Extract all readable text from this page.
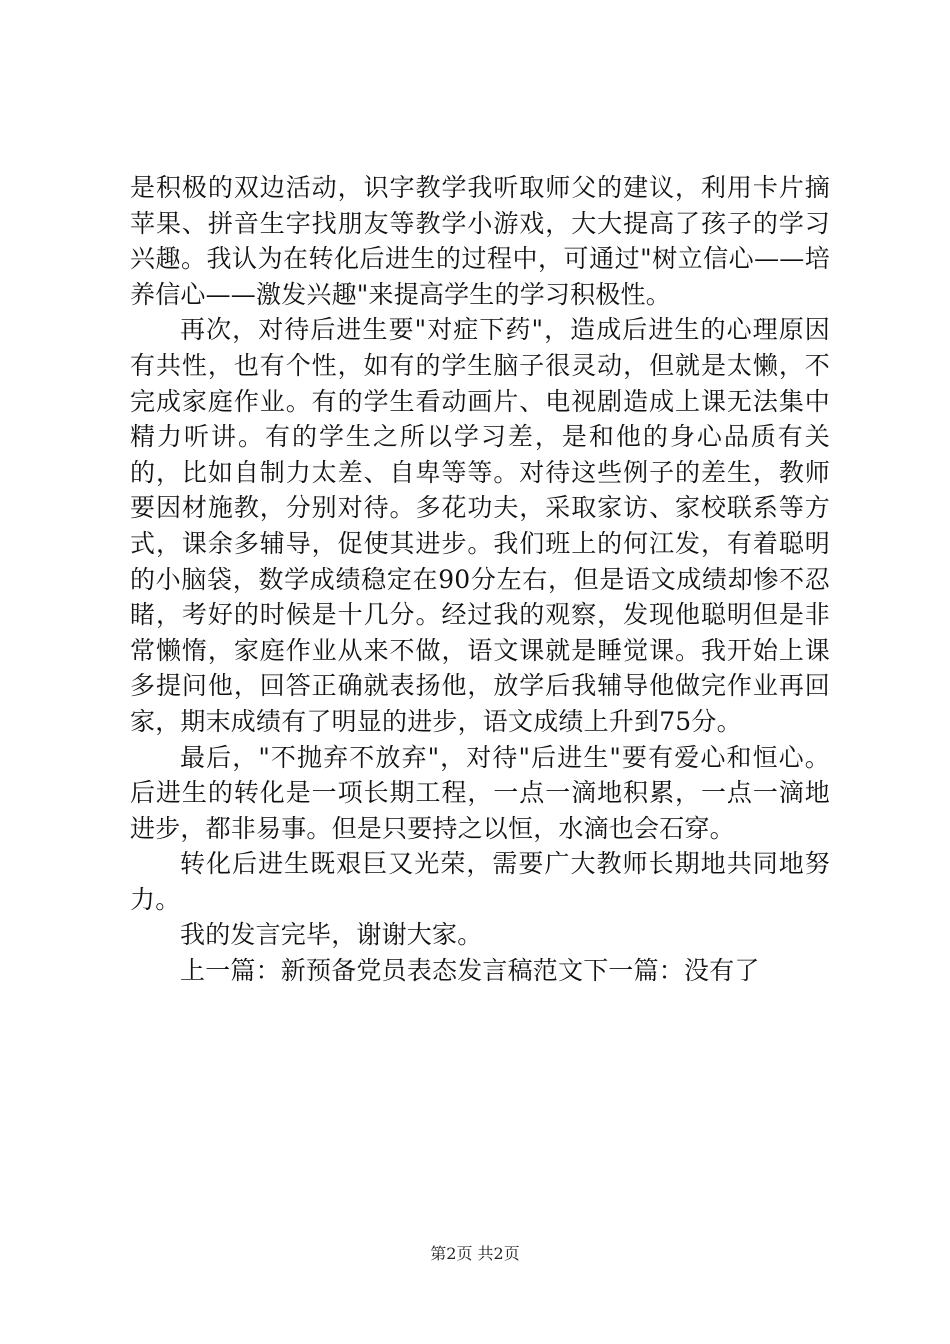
是积极的双边活动，识字教学我听取师父的建议，利用卡片摘苹果、拼音生字找朋友等教学小游戏，大大提高了孩子的学习兴趣。我认为在转化后进生的过程中，可通过"树立信心——培养信心——激发兴趣"来提高学生的学习积极性。

再次，对待后进生要"对症下药"，造成后进生的心理原因有共性，也有个性，如有的学生脑子很灵动，但就是太懒，不完成家庭作业。有的学生看动画片、电视剧造成上课无法集中精力听讲。有的学生之所以学习差，是和他的身心品质有关的，比如自制力太差、自卑等等。对待这些例子的差生，教师要因材施教，分别对待。多花功夫，采取家访、家校联系等方式，课余多辅导，促使其进步。我们班上的何江发，有着聪明的小脑袋，数学成绩稳定在90分左右，但是语文成绩却惨不忍睹，考好的时候是十几分。经过我的观察，发现他聪明但是非常懒惰，家庭作业从来不做，语文课就是睡觉课。我开始上课多提问他，回答正确就表扬他，放学后我辅导他做完作业再回家，期末成绩有了明显的进步，语文成绩上升到75分。

最后，"不抛弃不放弃"，对待"后进生"要有爱心和恒心。后进生的转化是一项长期工程，一点一滴地积累，一点一滴地进步，都非易事。但是只要持之以恒，水滴也会石穿。

转化后进生既艰巨又光荣，需要广大教师长期地共同地努力。

我的发言完毕，谢谢大家。

上一篇：新预备党员表态发言稿范文下一篇：没有了

第2页 共2页
